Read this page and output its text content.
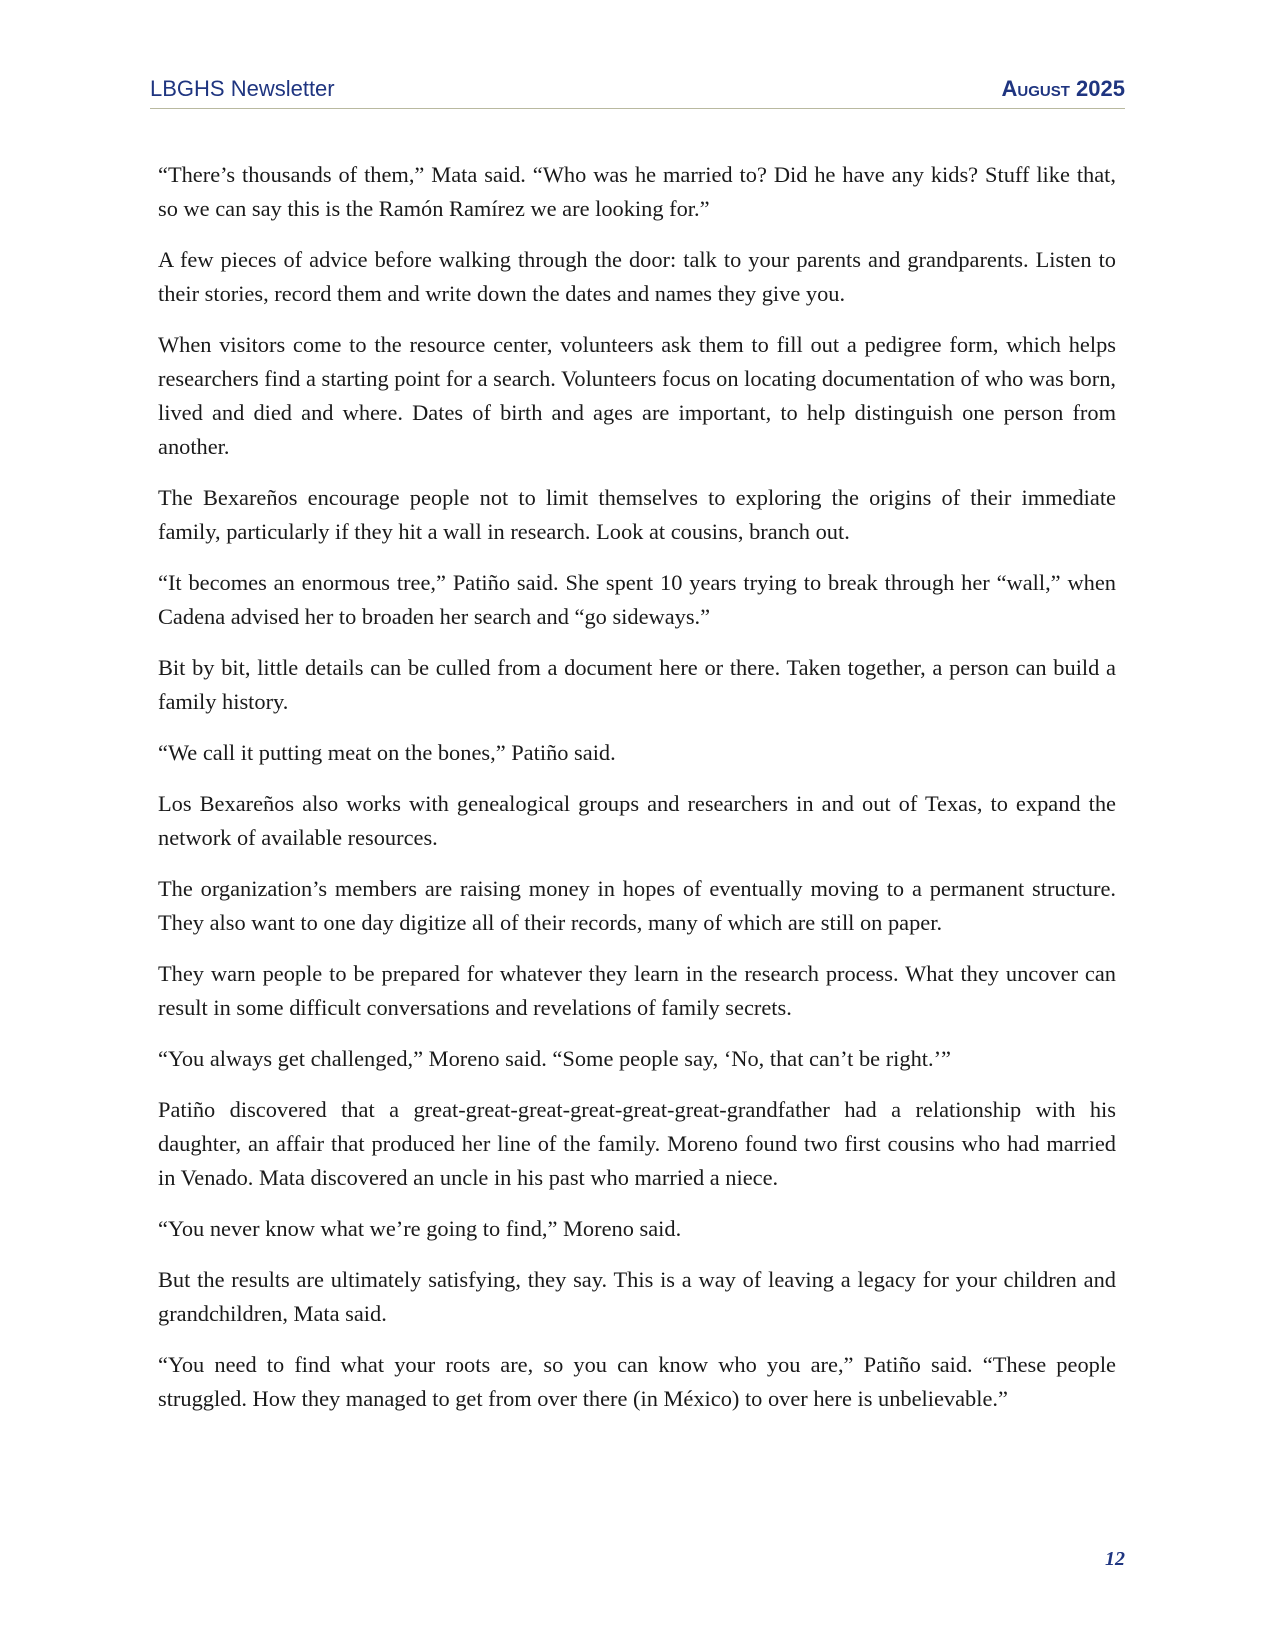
LBGHS Newsletter	August 2025

“There’s thousands of them,” Mata said. “Who was he married to? Did he have any kids? Stuff like that, so we can say this is the Ramón Ramírez we are looking for.”

A few pieces of advice before walking through the door: talk to your parents and grandparents. Listen to their stories, record them and write down the dates and names they give you.

When visitors come to the resource center, volunteers ask them to fill out a pedigree form, which helps researchers find a starting point for a search. Volunteers focus on locating documentation of who was born, lived and died and where. Dates of birth and ages are important, to help distinguish one person from another.

The Bexareños encourage people not to limit themselves to exploring the origins of their immediate family, particularly if they hit a wall in research. Look at cousins, branch out.

“It becomes an enormous tree,” Patiño said. She spent 10 years trying to break through her “wall,” when Cadena advised her to broaden her search and “go sideways.”

Bit by bit, little details can be culled from a document here or there. Taken together, a person can build a family history.

“We call it putting meat on the bones,” Patiño said.

Los Bexareños also works with genealogical groups and researchers in and out of Texas, to expand the network of available resources.

The organization’s members are raising money in hopes of eventually moving to a permanent structure. They also want to one day digitize all of their records, many of which are still on paper.

They warn people to be prepared for whatever they learn in the research process. What they uncover can result in some difficult conversations and revelations of family secrets.

“You always get challenged,” Moreno said. “Some people say, ‘No, that can’t be right.’”

Patiño discovered that a great-great-great-great-great-great-grandfather had a relationship with his daughter, an affair that produced her line of the family. Moreno found two first cousins who had married in Venado. Mata discovered an uncle in his past who married a niece.

“You never know what we’re going to find,” Moreno said.

But the results are ultimately satisfying, they say. This is a way of leaving a legacy for your children and grandchildren, Mata said.

“You need to find what your roots are, so you can know who you are,” Patiño said. “These people struggled. How they managed to get from over there (in México) to over here is unbelievable.”

12
